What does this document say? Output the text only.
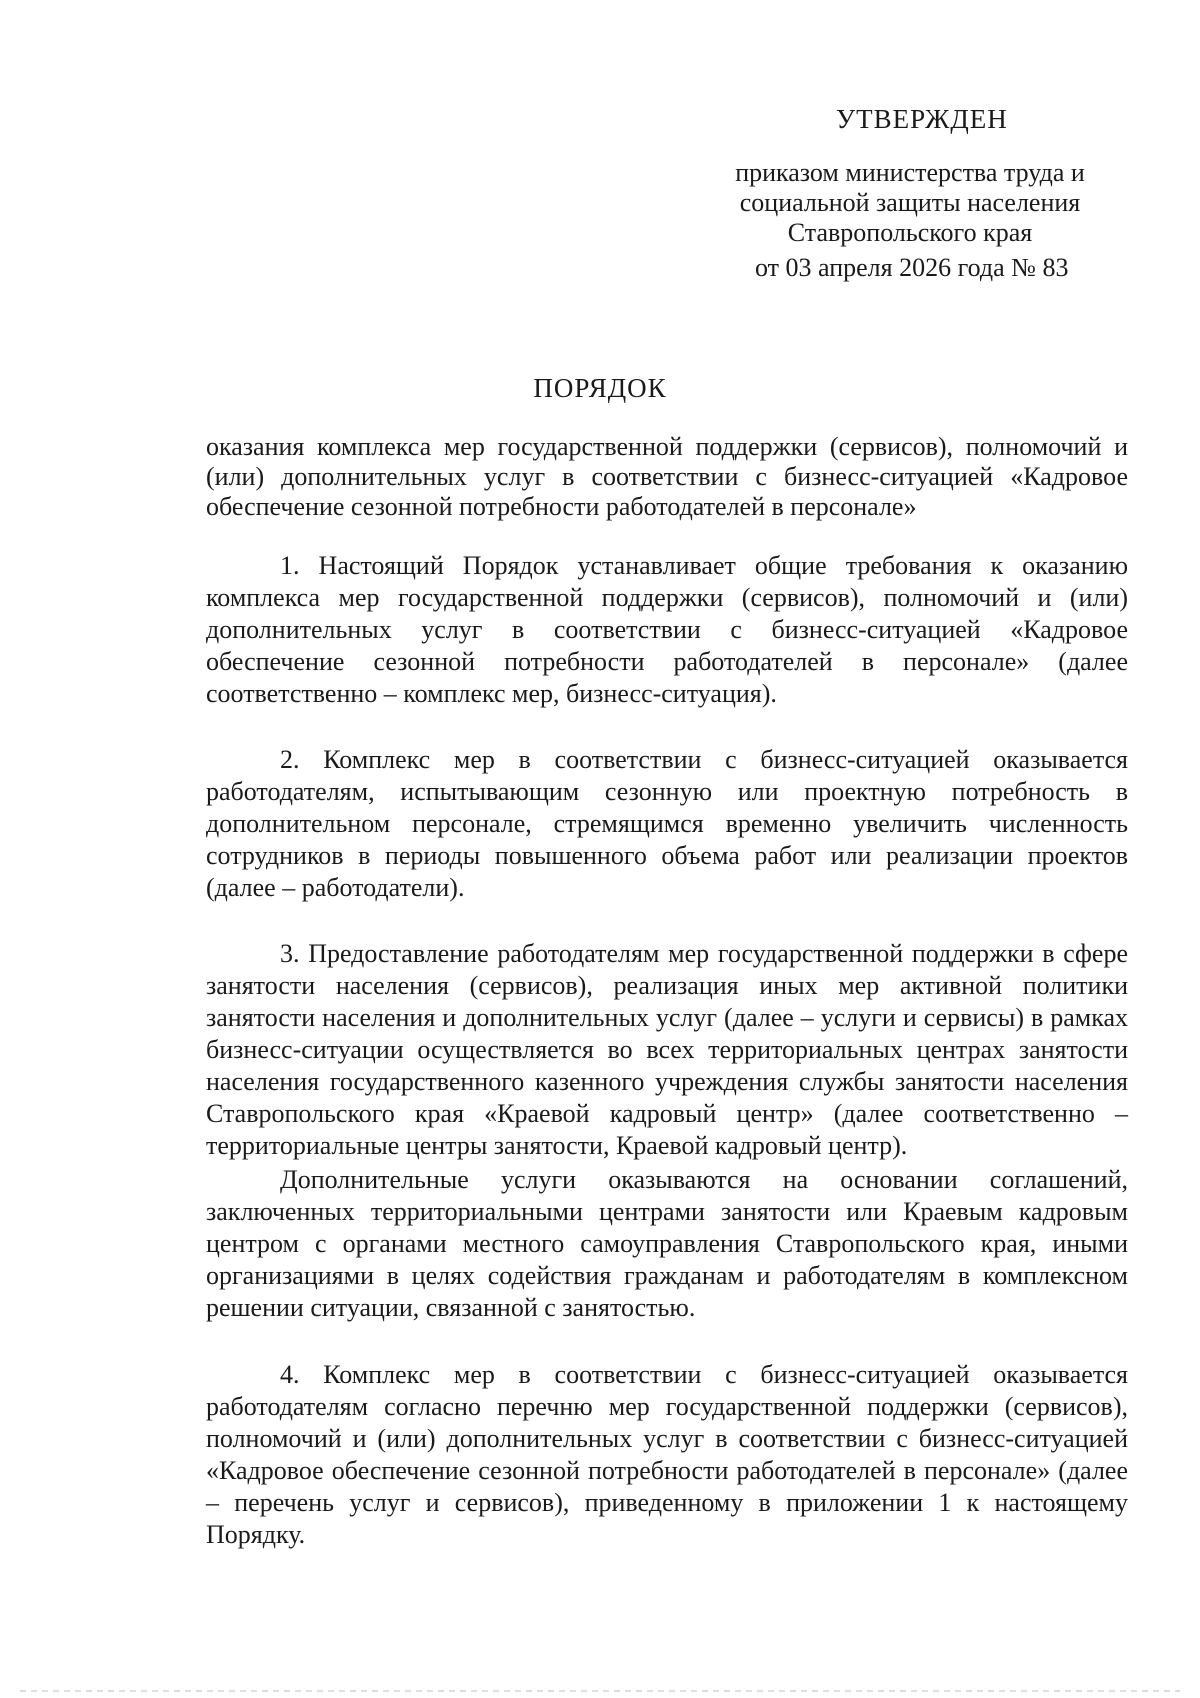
УТВЕРЖДЕН
приказом министерства труда и
социальной защиты населения
Ставропольского края
от 03 апреля 2026 года № 83
ПОРЯДОК
оказания комплекса мер государственной поддержки (сервисов), полномочий и (или) дополнительных услуг в соответствии с бизнесс-ситуацией «Кадровое обеспечение сезонной потребности работодателей в персонале»

1. Настоящий Порядок устанавливает общие требования к оказанию комплекса мер государственной поддержки (сервисов), полномочий и (или) дополнительных услуг в соответствии с бизнесс-ситуацией «Кадровое обеспечение сезонной потребности работодателей в персонале» (далее соответственно – комплекс мер, бизнесс-ситуация).

2. Комплекс мер в соответствии с бизнесс-ситуацией оказывается работодателям, испытывающим сезонную или проектную потребность в дополнительном персонале, стремящимся временно увеличить численность сотрудников в периоды повышенного объема работ или реализации проектов (далее – работодатели).

3. Предоставление работодателям мер государственной поддержки в сфере занятости населения (сервисов), реализация иных мер активной политики занятости населения и дополнительных услуг (далее – услуги и сервисы) в рамках бизнесс-ситуации осуществляется во всех территориальных центрах занятости населения государственного казенного учреждения службы занятости населения Ставропольского края «Краевой кадровый центр» (далее соответственно – территориальные центры занятости, Краевой кадровый центр).

Дополнительные услуги оказываются на основании соглашений, заключенных территориальными центрами занятости или Краевым кадровым центром с органами местного самоуправления Ставропольского края, иными организациями в целях содействия гражданам и работодателям в комплексном решении ситуации, связанной с занятостью.

4. Комплекс мер в соответствии с бизнесс-ситуацией оказывается работодателям согласно перечню мер государственной поддержки (сервисов), полномочий и (или) дополнительных услуг в соответствии с бизнесс-ситуацией «Кадровое обеспечение сезонной потребности работодателей в персонале» (далее – перечень услуг и сервисов), приведенному в приложении 1 к настоящему Порядку.
